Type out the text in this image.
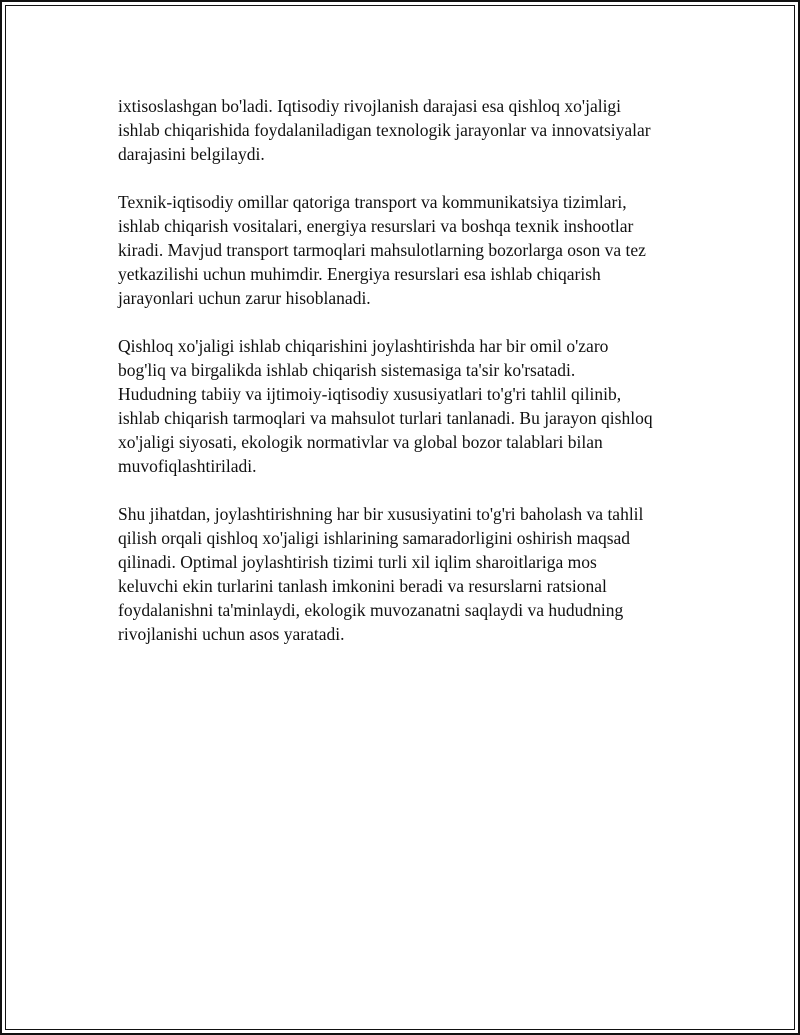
ixtisoslashgan bo'ladi. Iqtisodiy rivojlanish darajasi esa qishloq xo'jaligi
ishlab chiqarishida foydalaniladigan texnologik jarayonlar va innovatsiyalar
darajasini belgilaydi.

Texnik-iqtisodiy omillar qatoriga transport va kommunikatsiya tizimlari,
ishlab chiqarish vositalari, energiya resurslari va boshqa texnik inshootlar
kiradi. Mavjud transport tarmoqlari mahsulotlarning bozorlarga oson va tez
yetkazilishi uchun muhimdir. Energiya resurslari esa ishlab chiqarish
jarayonlari uchun zarur hisoblanadi.

Qishloq xo'jaligi ishlab chiqarishini joylashtirishda har bir omil o'zaro
bog'liq va birgalikda ishlab chiqarish sistemasiga ta'sir ko'rsatadi.
Hududning tabiiy va ijtimoiy-iqtisodiy xususiyatlari to'g'ri tahlil qilinib,
ishlab chiqarish tarmoqlari va mahsulot turlari tanlanadi. Bu jarayon qishloq
xo'jaligi siyosati, ekologik normativlar va global bozor talablari bilan
muvofiqlashtiriladi.

Shu jihatdan, joylashtirishning har bir xususiyatini to'g'ri baholash va tahlil
qilish orqali qishloq xo'jaligi ishlarining samaradorligini oshirish maqsad
qilinadi. Optimal joylashtirish tizimi turli xil iqlim sharoitlariga mos
keluvchi ekin turlarini tanlash imkonini beradi va resurslarni ratsional
foydalanishni ta'minlaydi, ekologik muvozanatni saqlaydi va hududning
rivojlanishi uchun asos yaratadi.
